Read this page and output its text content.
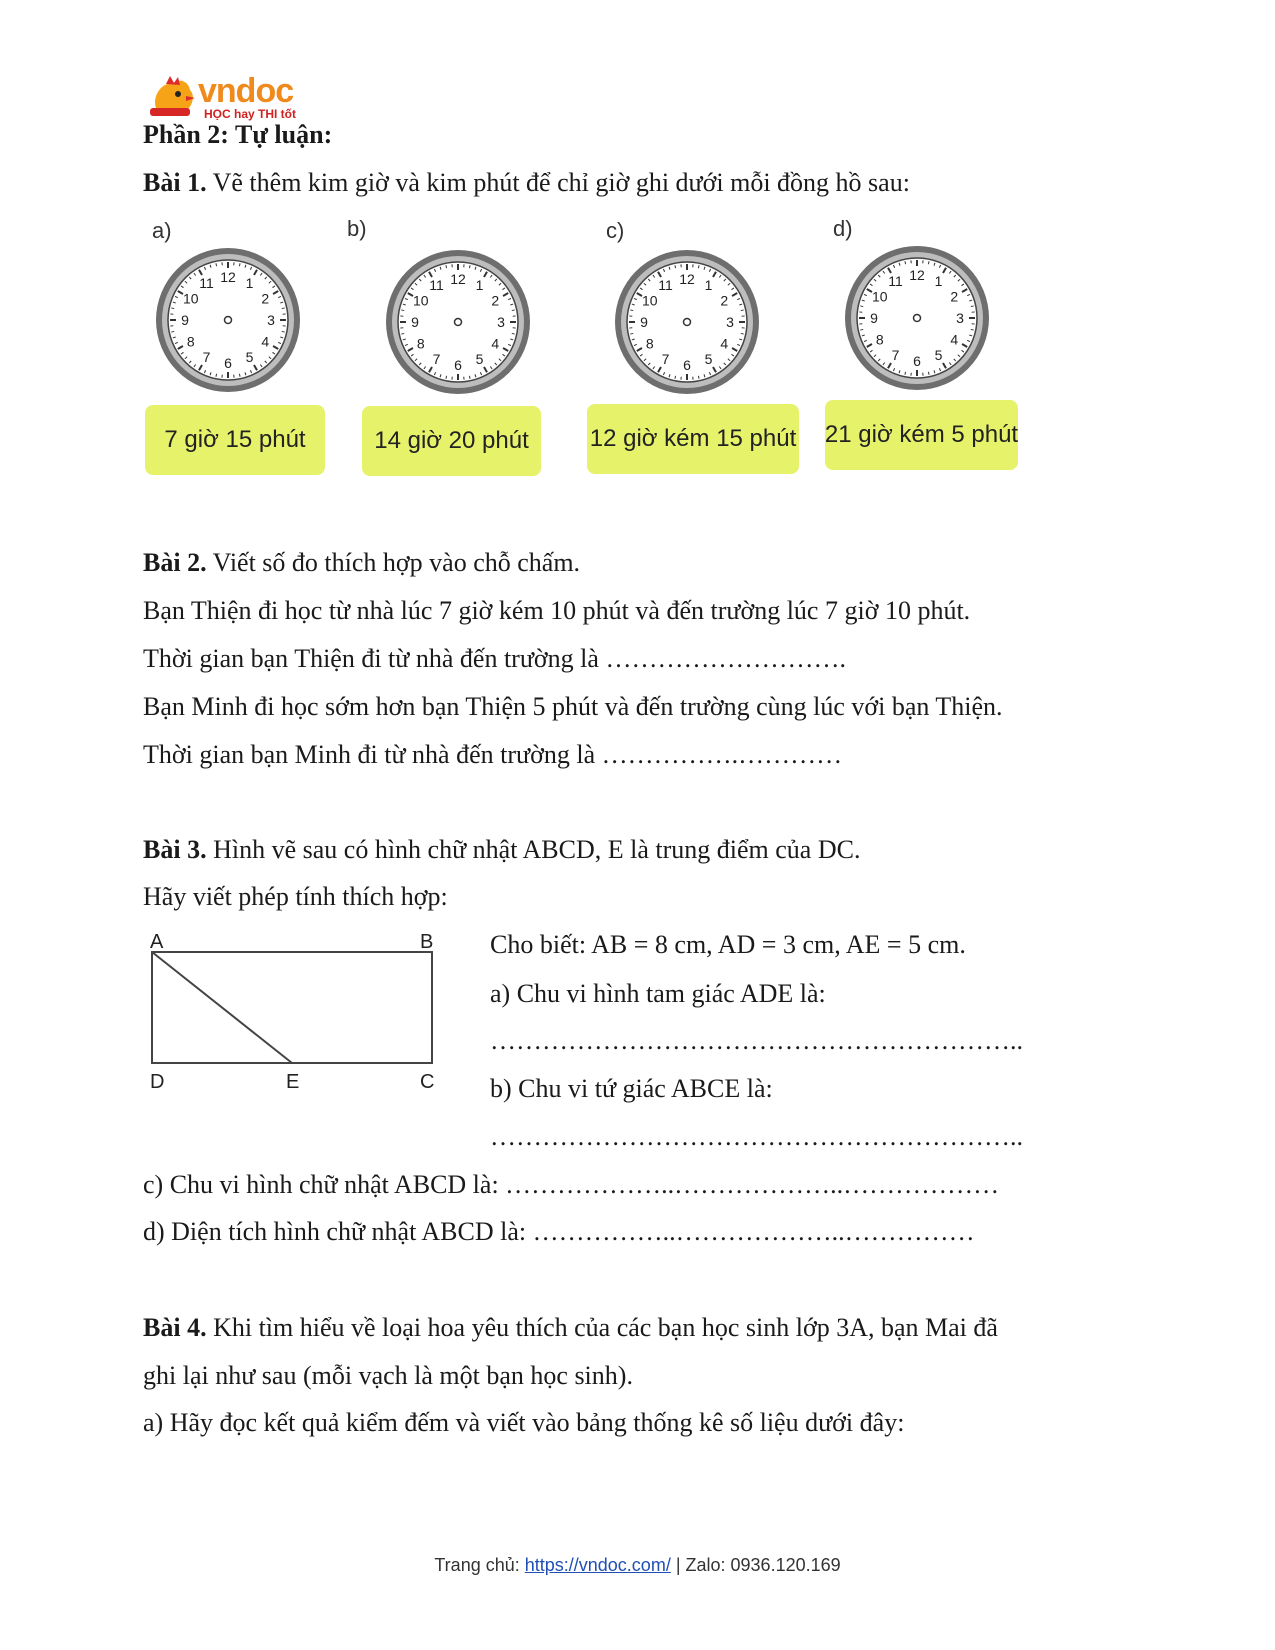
vndoc
HỌC hay THI tốt
Phần 2: Tự luận:
Bài 1. Vẽ thêm kim giờ và kim phút để chỉ giờ ghi dưới mỗi đồng hồ sau:
a)	b)	c)	d)
12 1
2
3
4
5
6
7
8
9
10
11	12 1
2
3
4
5
6
7
8
9
10
11	12 1
2
3
4
5
6
7
8
9
10
11
12 1
2
3
4
5
6
7
8
9
10
11
7 giờ 15 phút	14 giờ 20 phút	12 giờ kém 15 phút 21 giờ kém 5 phút
Bài 2. Viết số đo thích hợp vào chỗ chấm.
Bạn Thiện đi học từ nhà lúc 7 giờ kém 10 phút và đến trường lúc 7 giờ 10 phút.
Thời gian bạn Thiện đi từ nhà đến trường là ……………………….
Bạn Minh đi học sớm hơn bạn Thiện 5 phút và đến trường cùng lúc với bạn Thiện.
Thời gian bạn Minh đi từ nhà đến trường là …………….…………
Bài 3. Hình vẽ sau có hình chữ nhật ABCD, E là trung điểm của DC.
Hãy viết phép tính thích hợp:
A	B
C
D	E
Cho biết: AB = 8 cm, AD = 3 cm, AE = 5 cm.
a) Chu vi hình tam giác ADE là:
……………………………………………………..
b) Chu vi tứ giác ABCE là:
……………………………………………………..
c) Chu vi hình chữ nhật ABCD là: ………………..………………..………………
d) Diện tích hình chữ nhật ABCD là: ……………..………………..……………
Bài 4. Khi tìm hiểu về loại hoa yêu thích của các bạn học sinh lớp 3A, bạn Mai đã
ghi lại như sau (mỗi vạch là một bạn học sinh).
a) Hãy đọc kết quả kiểm đếm và viết vào bảng thống kê số liệu dưới đây:
Trang chủ: https://vndoc.com/ | Zalo: 0936.120.169
